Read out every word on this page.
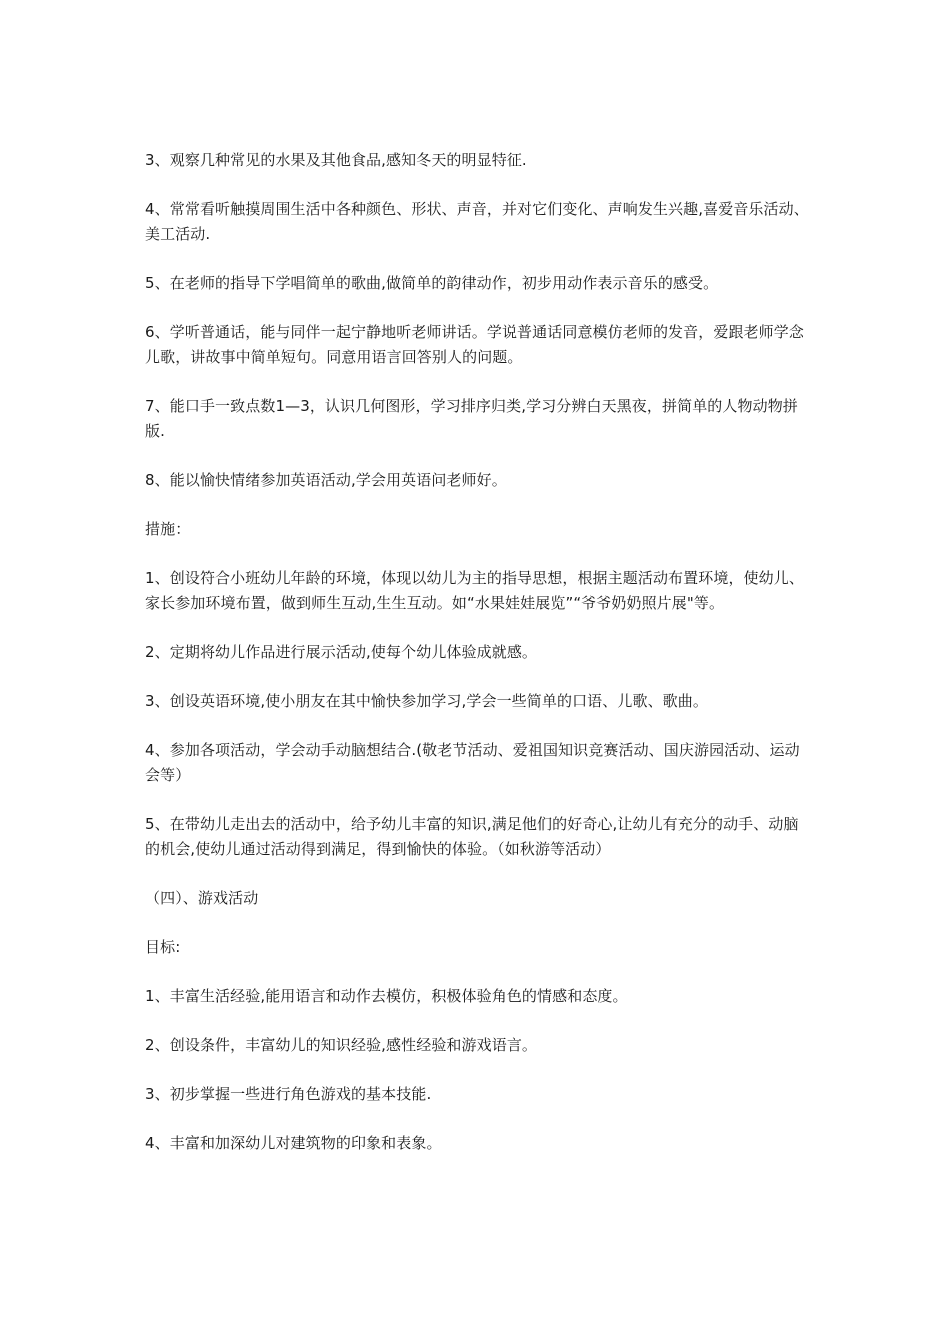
3、观察几种常见的水果及其他食品,感知冬天的明显特征.

4、常常看听触摸周围生活中各种颜色、形状、声音，并对它们变化、声响发生兴趣,喜爱音乐活动、美工活动.

5、在老师的指导下学唱简单的歌曲,做简单的韵律动作，初步用动作表示音乐的感受。

6、学听普通话，能与同伴一起宁静地听老师讲话。学说普通话同意模仿老师的发音，爱跟老师学念儿歌，讲故事中简单短句。同意用语言回答别人的问题。

7、能口手一致点数1—3，认识几何图形，学习排序归类,学习分辨白天黑夜，拼简单的人物动物拼版.

8、能以愉快情绪参加英语活动,学会用英语问老师好。

措施：

1、创设符合小班幼儿年龄的环境，体现以幼儿为主的指导思想，根据主题活动布置环境，使幼儿、家长参加环境布置，做到师生互动,生生互动。如“水果娃娃展览”“爷爷奶奶照片展"等。

2、定期将幼儿作品进行展示活动,使每个幼儿体验成就感。

3、创设英语环境,使小朋友在其中愉快参加学习,学会一些简单的口语、儿歌、歌曲。

4、参加各项活动，学会动手动脑想结合.(敬老节活动、爱祖国知识竞赛活动、国庆游园活动、运动会等）

5、在带幼儿走出去的活动中，给予幼儿丰富的知识,满足他们的好奇心,让幼儿有充分的动手、动脑的机会,使幼儿通过活动得到满足，得到愉快的体验。（如秋游等活动）

（四）、游戏活动

目标:

1、丰富生活经验,能用语言和动作去模仿，积极体验角色的情感和态度。

2、创设条件，丰富幼儿的知识经验,感性经验和游戏语言。

3、初步掌握一些进行角色游戏的基本技能.

4、丰富和加深幼儿对建筑物的印象和表象。
